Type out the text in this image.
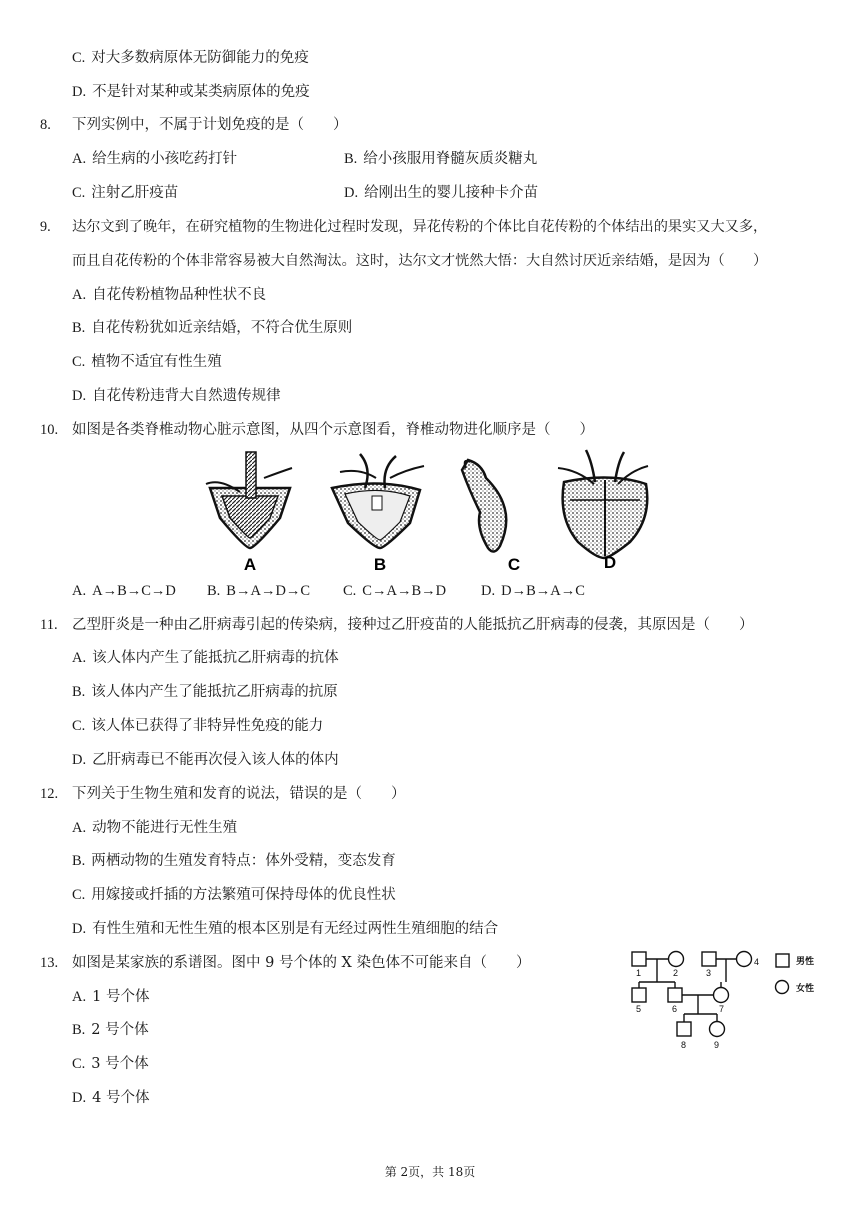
C. 对大多数病原体无防御能力的免疫
D. 不是针对某种或某类病原体的免疫
8. 下列实例中，不属于计划免疫的是（　　）
A. 给生病的小孩吃药打针	B. 给小孩服用脊髓灰质炎糖丸
C. 注射乙肝疫苗	D. 给刚出生的婴儿接种卡介苗
9. 达尔文到了晚年，在研究植物的生物进化过程时发现，异花传粉的个体比自花传粉的个体结出的果实又大又多，
而且自花传粉的个体非常容易被大自然淘汰。这时，达尔文才恍然大悟：大自然讨厌近亲结婚，是因为（　　）
A. 自花传粉植物品种性状不良
B. 自花传粉犹如近亲结婚，不符合优生原则
C. 植物不适宜有性生殖
D. 自花传粉违背大自然遗传规律
10. 如图是各类脊椎动物心脏示意图，从四个示意图看，脊椎动物进化顺序是（　　）
A	B	C	D
A. A→B→C→D B. B→A→D→C C. C→A→B→D D. D→B→A→C
11. 乙型肝炎是一种由乙肝病毒引起的传染病，接种过乙肝疫苗的人能抵抗乙肝病毒的侵袭，其原因是（　　）
A. 该人体内产生了能抵抗乙肝病毒的抗体
B. 该人体内产生了能抵抗乙肝病毒的抗原
C. 该人体已获得了非特异性免疫的能力
D. 乙肝病毒已不能再次侵入该人体的体内
12. 下列关于生物生殖和发育的说法，错误的是（　　）
A. 动物不能进行无性生殖
B. 两栖动物的生殖发育特点：体外受精，变态发育
C. 用嫁接或扦插的方法繁殖可保持母体的优良性状
D. 有性生殖和无性生殖的根本区别是有无经过两性生殖细胞的结合
13. 如图是某家族的系谱图。图中 9 号个体的 X 染色体不可能来自（　　）
A. 1 号个体
B. 2 号个体
C. 3 号个体
D. 4 号个体
1	2	3
4
5	6	7
8	9
男性
女性
第 2页，共 18页
